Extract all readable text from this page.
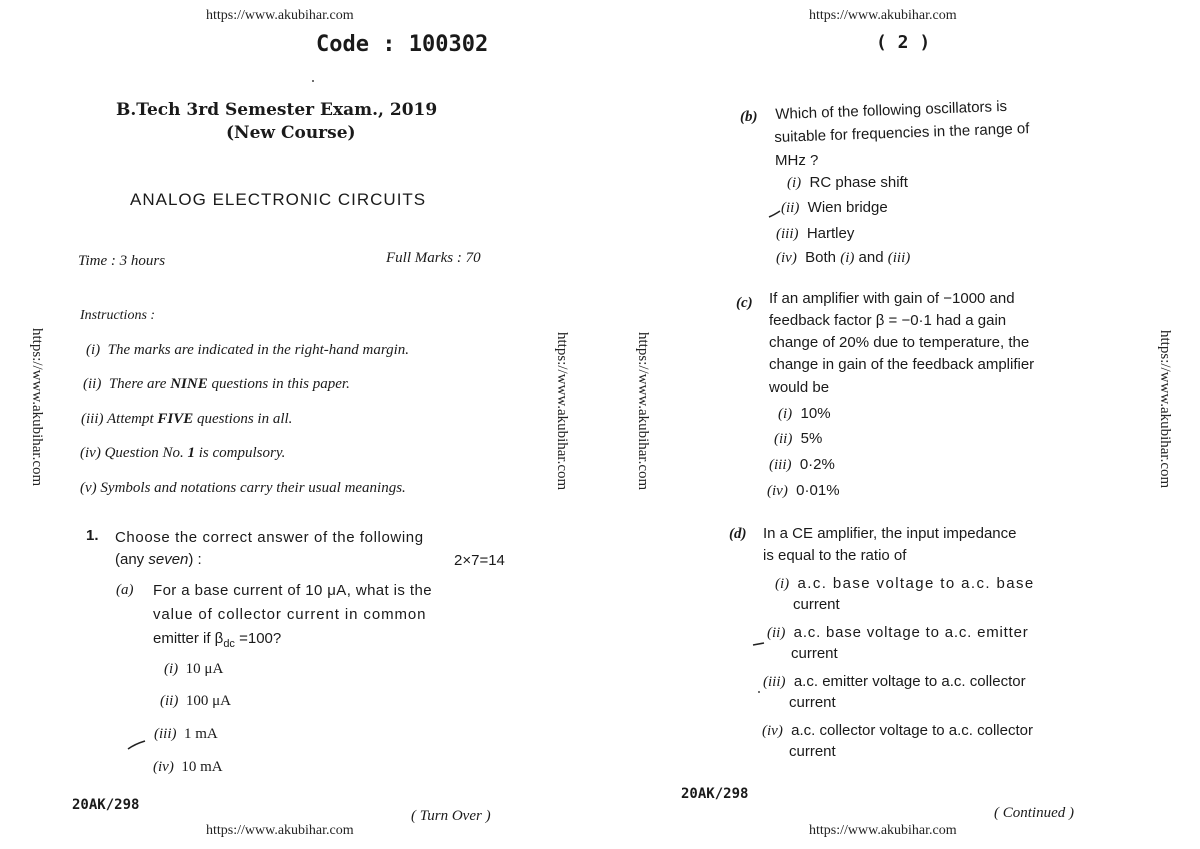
https://www.akubihar.com
Code : 100302
B.Tech 3rd Semester Exam., 2019
(New Course)
ANALOG ELECTRONIC CIRCUITS
Time : 3 hours	Full Marks : 70
Instructions :
(i) The marks are indicated in the right-hand margin.
(ii) There are NINE questions in this paper.
(iii) Attempt FIVE questions in all.
(iv) Question No. 1 is compulsory.
(v) Symbols and notations carry their usual meanings.
1. Choose the correct answer of the following
(any seven) :	2×7=14
(a) For a base current of 10 μA, what is the
value of collector current in common
emitter if $\beta_{dc} =100$?
(i) 10 μA
(ii) 100 μA
(iii) 1 mA
(iv) 10 mA
20AK/298
( Turn Over )
https://www.akubihar.com
https://www.akubihar.com	https://www.akubihar.com
https://www.akubihar.com
( 2 )
https://www.akubihar.com	https://www.akubihar.com
(b) Which of the following oscillators is
suitable for frequencies in the range of
MHz ?
(i) RC phase shift
(ii) Wien bridge
(iii) Hartley
(iv) Both (i) and (iii)
(c) If an amplifier with gain of −1000 and
feedback factor β = −0·1 had a gain
change of 20% due to temperature, the
change in gain of the feedback amplifier
would be
(i) 10%
(ii) 5%
(iii) 0·2%
(iv) 0·01%
(d) In a CE amplifier, the input impedance
is equal to the ratio of
(i) a.c. base voltage to a.c. base
current
(ii) a.c. base voltage to a.c. emitter
current
(iii) a.c. emitter voltage to a.c. collector
current
(iv) a.c. collector voltage to a.c. collector
current
20AK/298
( Continued )
https://www.akubihar.com
